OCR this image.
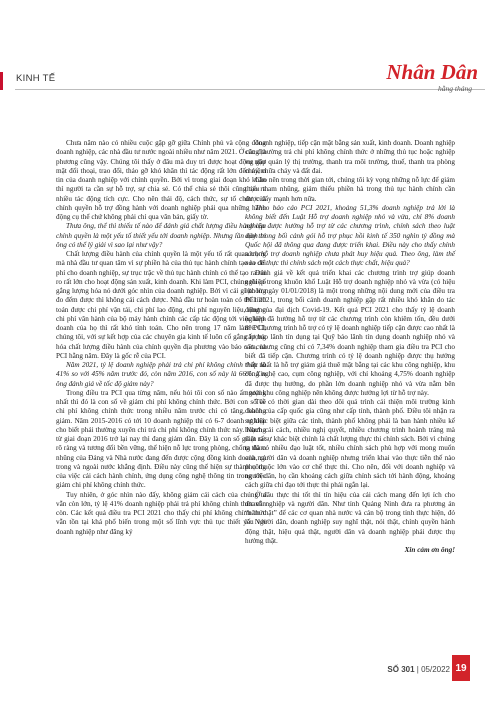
KINH TẾ	Nhân Dân
hằng tháng

Chưa năm nào có nhiều cuộc gặp gỡ giữa Chính phủ và cộng đồng doanh nghiệp, các nhà đầu tư nước ngoài nhiều như năm 2021. Ở các địa phương cũng vậy. Chúng tôi thấy ở đâu mà duy trì được hoạt động gặp mặt đối thoại, trao đổi, thảo gỡ khó khăn thì tác động rất lớn đến niềm tin của doanh nghiệp với chính quyền. Bởi vì trong giai đoạn khó khăn thì người ta cần sự hỗ trợ, sự chia sẻ. Có thể chia sẻ thôi cũng tạo ra nhiều tác động tích cực. Cho nên thái độ, cách thức, sự tổ chức của chính quyền hỗ trợ đồng hành với doanh nghiệp phải qua những hành động cụ thể chứ không phải chỉ qua văn bản, giấy tờ.

Thưa ông, thể thì thiếu tế nào để đánh giá chất lượng điều hành của chính quyền là một yếu tố thiết yếu tới doanh nghiệp. Nhưng lần này thì ông có thể lý giải vì sao lại như vậy?

Chất lượng điều hành của chính quyền là một yếu tố rất quan trọng mà nhà đầu tư quan tâm vì sự phiền hà của thủ tục hành chính tạo ra chi phí cho doanh nghiệp, sự trục trặc về thủ tục hành chính có thể tạo ra rủi ro rất lớn cho hoạt động sản xuất, kinh doanh. Khi làm PCI, chúng tôi cố gắng lượng hóa nó dưới góc nhìn của doanh nghiệp. Bởi vì cái gì không đo đếm được thì không cải cách được. Nhà đầu tư hoàn toàn có thể tính toán được chi phí vận tải, chi phí lao động, chi phí nguyên liệu, nhưng chi phí văn hành của bộ máy hành chính các cấp tác động tới việc kinh doanh của họ thì rất khó tính toán. Cho nên trong 17 năm làm PCI, chúng tôi, với sự kết hợp của các chuyên gia kinh tế luôn cố gắng lượng hóa chất lượng điều hành của chính quyền địa phương vào báo cáo của PCI hằng năm. Đây là gốc rễ của PCI.

Năm 2021, tỷ lệ doanh nghiệp phải trả chi phí không chính thức là 41% so với 45% năm trước đó, còn năm 2016, con số này là 66%. Xin ông đánh giá về tốc độ giảm này?

Trong điều tra PCI qua từng năm, nếu hỏi tôi con số nào ấn tượng nhất thì đó là con số về giảm chi phí không chính thức. Bởi con số về chi phí không chính thức trong nhiều năm trước chỉ có tăng, không giảm. Năm 2015-2016 có tới 10 doanh nghiệp thì có 6-7 doanh nghiệp cho biết phải thường xuyên chi trả chi phí không chính thức này. Nhưng từ giai đoạn 2016 trở lại nay thì đang giảm dần. Đây là con số giảm rất rõ ràng và tương đối bền vững, thể hiện nỗ lực trong phòng, chống tham nhũng của Đảng và Nhà nước đang đến được cộng đồng kinh doanh, cả trong và ngoài nước khẳng định. Điều này cũng thể hiện sự thành công của việc cải cách hành chính, ứng dụng công nghệ thông tin trong việc giảm chi phí không chính thức.

Tuy nhiên, ở góc nhìn nào đấy, không giảm cái cách của chúng ta vẫn còn lớn, tỷ lệ 41% doanh nghiệp phải trả phí không chính thức vẫn còn. Các kết quả điều tra PCI 2021 cho thấy chi phí không chính thức vẫn tồn tại khá phổ biến trong một số lĩnh vực thủ tục thiết yếu với doanh nghiệp như đăng ký

doanh nghiệp, tiếp cận mặt bằng sản xuất, kinh doanh. Doanh nghiệp cũng thường trả chi phí không chính thức ở những thủ tục hoặc nghiệp vụ như quản lý thị trường, thanh tra môi trường, thuế, thanh tra phòng cháy, chữa cháy và đất đai.

Cho nên trong thời gian tới, chúng tôi kỳ vọng những nỗ lực để giảm thiểu tham nhũng, giảm thiểu phiền hà trong thủ tục hành chính cần được đẩy mạnh hơn nữa.

Theo báo cáo PCI 2021, khoảng 51,3% doanh nghiệp trả lời là không biết đến Luật Hỗ trợ doanh nghiệp nhỏ và vừa, chỉ 8% doanh nghiệp được hưởng hỗ trợ từ các chương trình, chính sách theo luật định trong bối cảnh gói hỗ trợ phục hồi kinh tế 350 nghìn tỷ đồng mà Quốc hội đã thông qua đang được triển khai. Điều này cho thấy chính sách hỗ trợ doanh nghiệp chưa phát huy hiệu quả. Theo ông, làm thế nào để thực thi chính sách một cách thực chất, hiệu quả?

Đánh giá về kết quả triển khai các chương trình trợ giúp doanh nghiệp trong khuôn khổ Luật Hỗ trợ doanh nghiệp nhỏ và vừa (có hiệu lực từ ngày 01/01/2018) là một trong những nội dung mới của điều tra PCI 2021, trong bối cảnh doanh nghiệp gặp rất nhiều khó khăn do tác động của đại dịch Covid-19. Kết quả PCI 2021 cho thấy tỷ lệ doanh nghiệp đã hưởng hỗ trợ từ các chương trình còn khiêm tốn, đều dưới 8%. Chương trình hỗ trợ có tỷ lệ doanh nghiệp tiếp cận được cao nhất là cấp bảo lãnh tín dụng tại Quỹ bảo lãnh tín dụng doanh nghiệp nhỏ và vừa, nhưng cũng chỉ có 7,34% doanh nghiệp tham gia điều tra PCI cho biết đã tiếp cận. Chương trình có tỷ lệ doanh nghiệp được thụ hưởng thấp nhất là hỗ trợ giảm giá thuê mặt bằng tại các khu công nghiệp, khu công nghệ cao, cụm công nghiệp, với chỉ khoảng 4,75% doanh nghiệp đã được thụ hưởng, do phần lớn doanh nghiệp nhỏ và vừa nằm bên ngoài khu công nghiệp nên không được hưởng lợi từ hỗ trợ này.

Tôi có thời gian dài theo dõi quá trình cải thiện môi trường kinh doanh của cấp quốc gia cũng như cấp tỉnh, thành phố. Điều tôi nhận ra sự khác biệt giữa các tỉnh, thành phố không phải là ban hành nhiều kế hoạch cải cách, nhiều nghị quyết, nhiều chương trình hoành tráng mà thật ra sự khác biệt chính là chất lượng thực thi chính sách. Bởi vì chúng ta đã có nhiều đạo luật tốt, nhiều chính sách phù hợp với mong muốn của người dân và doanh nghiệp nhưng triển khai vào thực tiễn thế nào phụ thuộc lớn vào cơ chế thực thi. Cho nên, đối với doanh nghiệp và người dân, họ cần khoảng cách giữa chính sách tới hành động, khoảng cách giữa chỉ đạo tới thực thi phải ngắn lại.

Ở đâu thực thi tốt thì tín hiệu của cải cách mang đến lợi ích cho doanh nghiệp và người dân. Như tỉnh Quảng Ninh đưa ra phương án “năm thật” để các cơ quan nhà nước và cán bộ trong tỉnh thực hiện, đó là: Người dân, doanh nghiệp suy nghĩ thật, nói thật, chính quyền hành động thật, hiệu quả thật, người dân và doanh nghiệp phải được thụ hưởng thật.

Xin cảm ơn ông!

SỐ 301 | 05/2022 19
